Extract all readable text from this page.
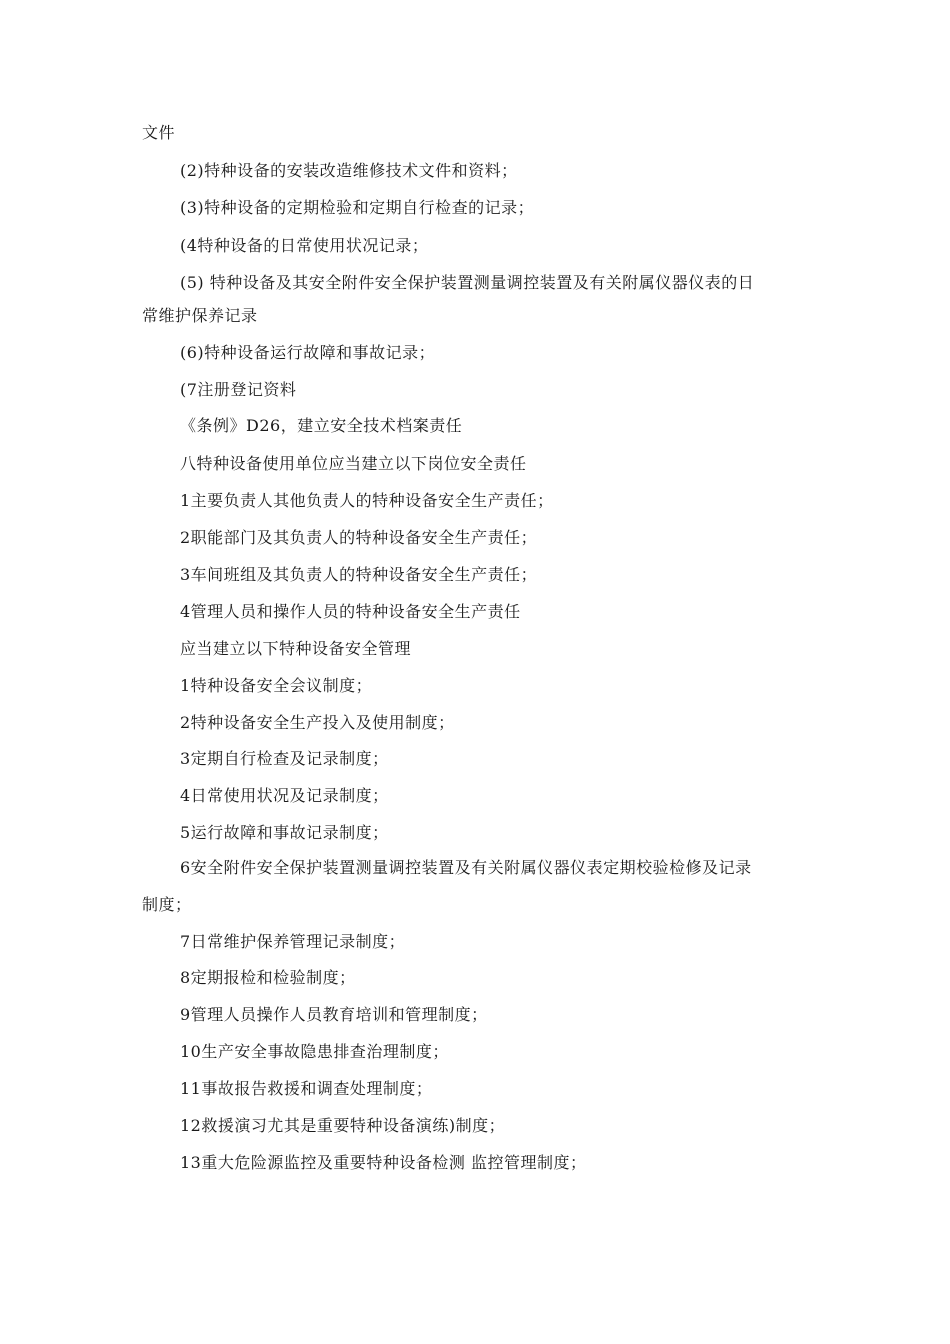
文件
(2)特种设备的安装改造维修技术文件和资料；
(3)特种设备的定期检验和定期自行检查的记录；
(4特种设备的日常使用状况记录；
(5) 特种设备及其安全附件安全保护装置测量调控装置及有关附属仪器仪表的日
常维护保养记录
(6)特种设备运行故障和事故记录；
(7注册登记资料
《条例》D26，建立安全技术档案责任
八特种设备使用单位应当建立以下岗位安全责任
1主要负责人其他负责人的特种设备安全生产责任；
2职能部门及其负责人的特种设备安全生产责任；
3车间班组及其负责人的特种设备安全生产责任；
4管理人员和操作人员的特种设备安全生产责任
应当建立以下特种设备安全管理
1特种设备安全会议制度；
2特种设备安全生产投入及使用制度；
3定期自行检查及记录制度；
4日常使用状况及记录制度；
5运行故障和事故记录制度；
6安全附件安全保护装置测量调控装置及有关附属仪器仪表定期校验检修及记录
制度；
7日常维护保养管理记录制度；
8定期报检和检验制度；
9管理人员操作人员教育培训和管理制度；
10生产安全事故隐患排查治理制度；
11事故报告救援和调查处理制度；
12救援演习尤其是重要特种设备演练)制度；
13重大危险源监控及重要特种设备检测 监控管理制度；
